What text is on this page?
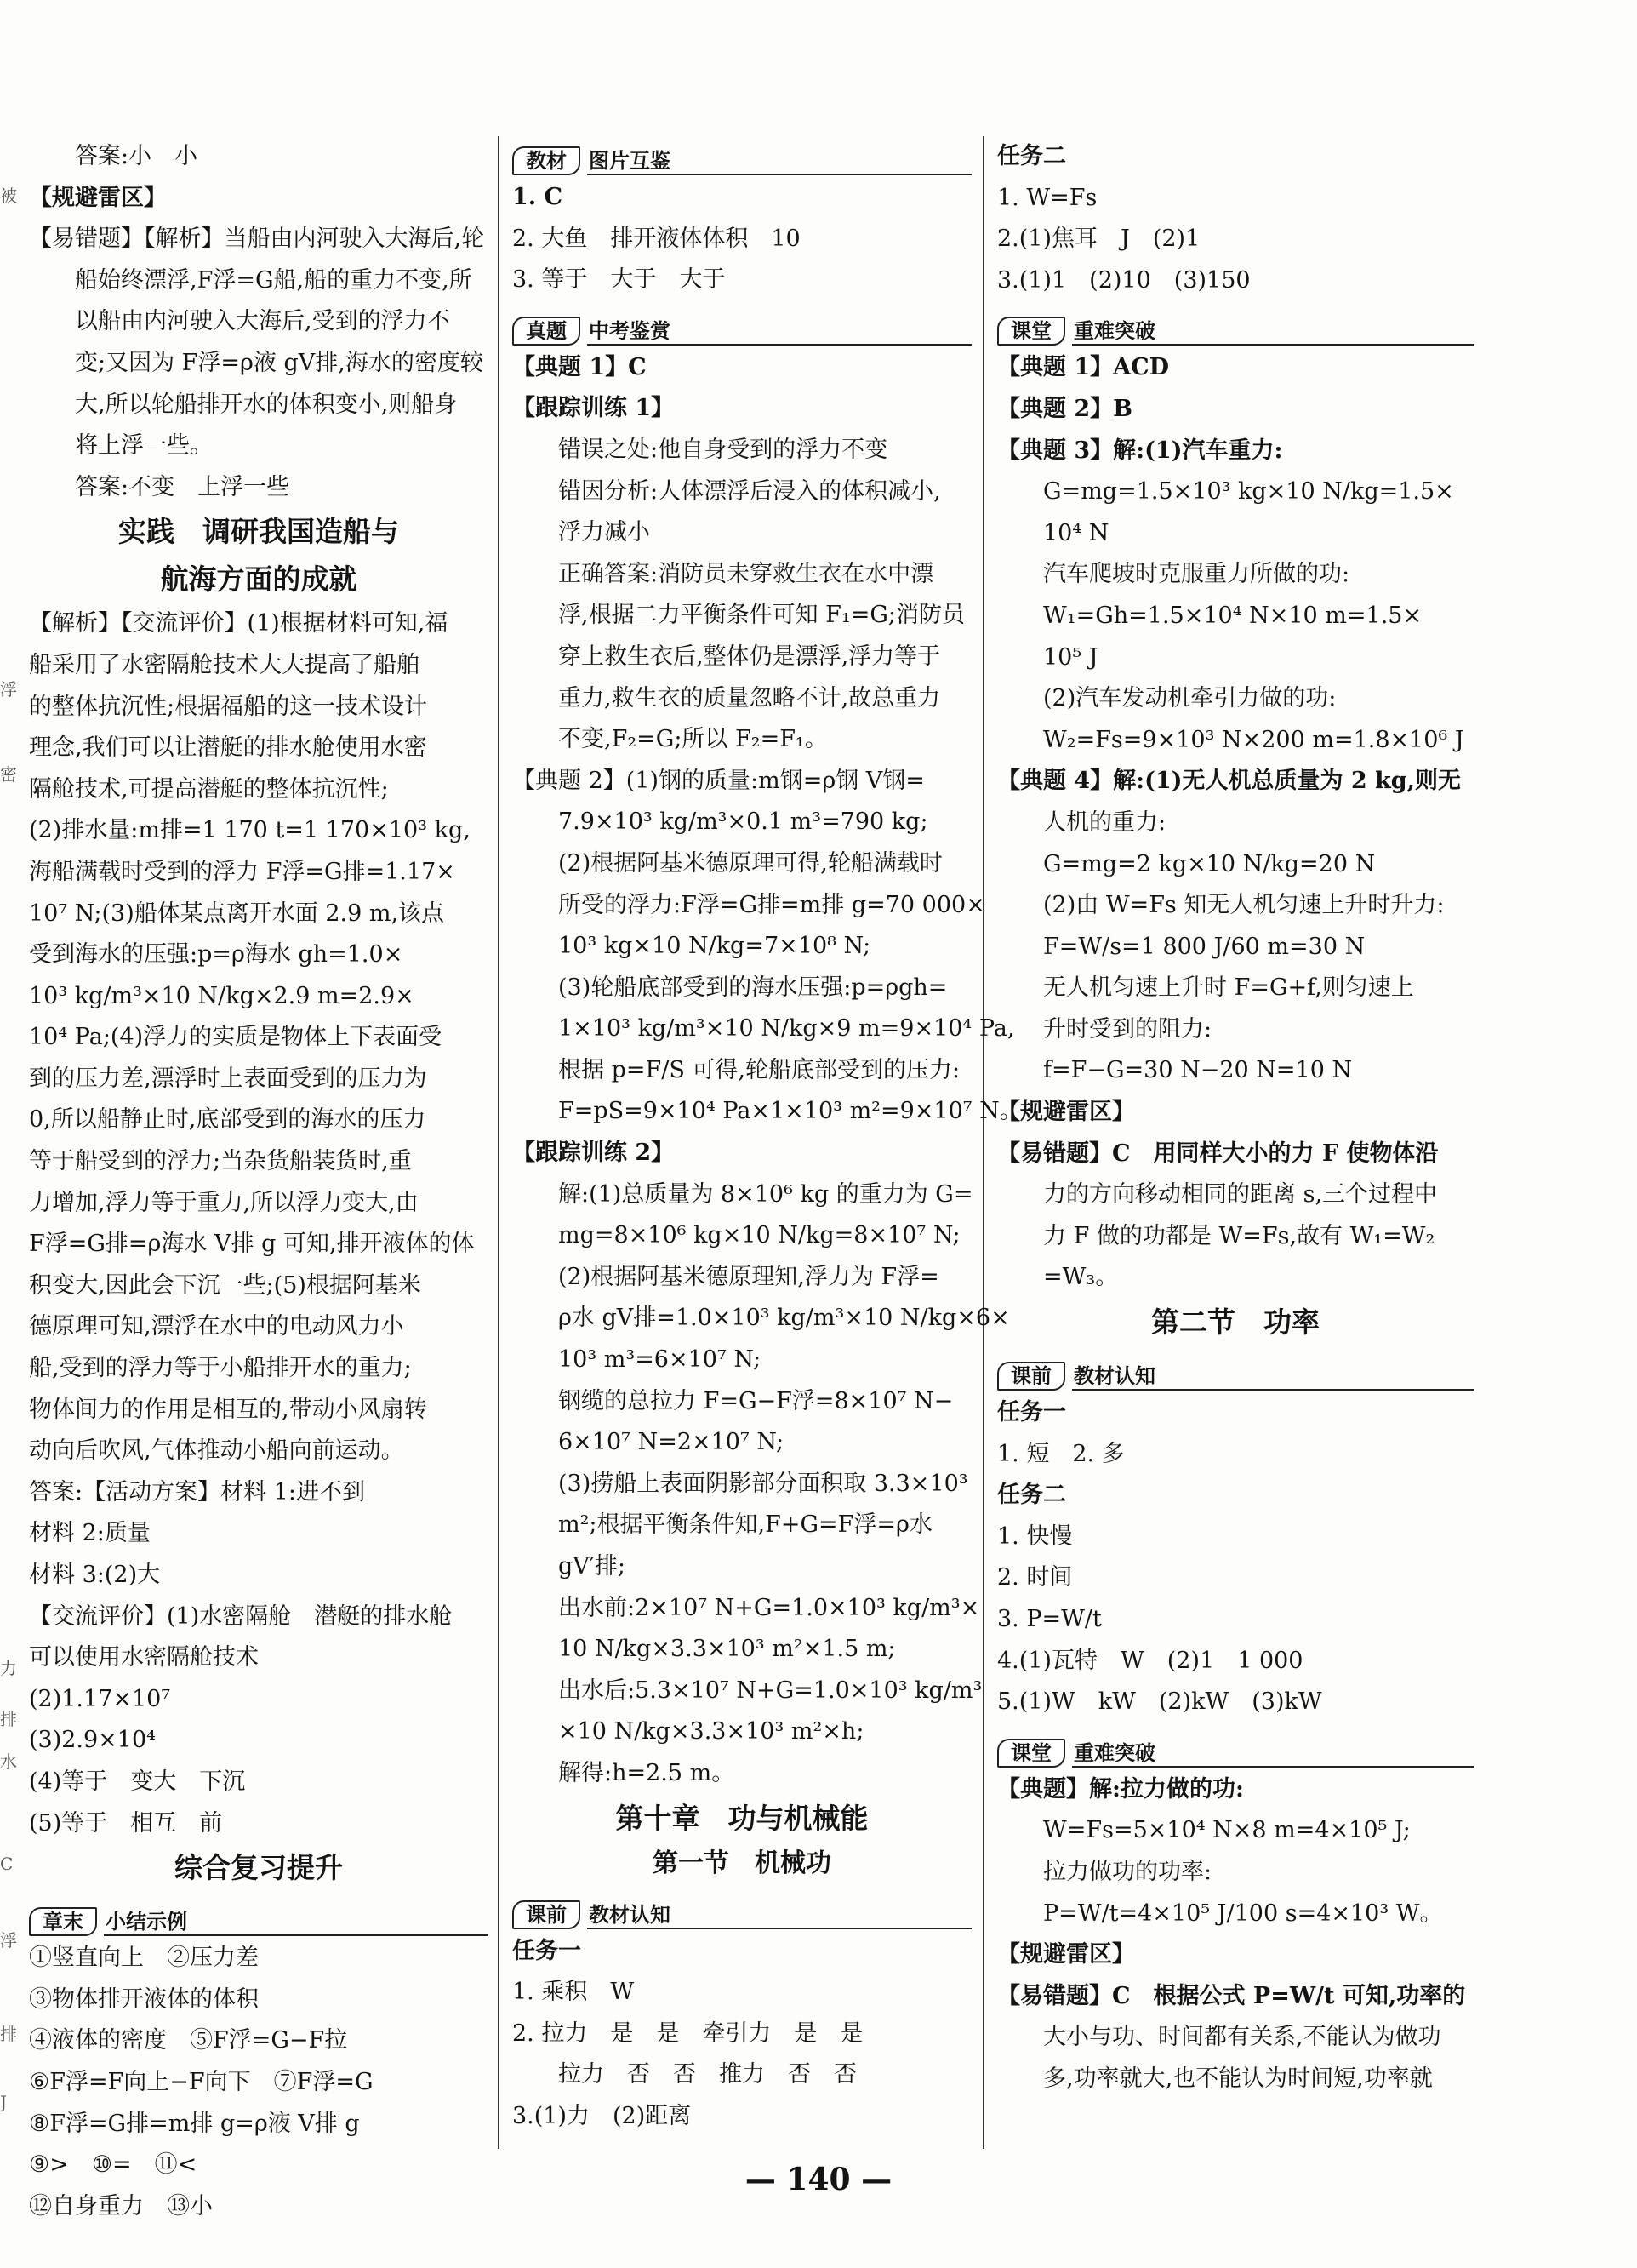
被
浮
密
力
排
水
C
浮
排
J

答案:小　小

【规避雷区】

【易错题】【解析】当船由内河驶入大海后,轮

船始终漂浮,F浮=G船,船的重力不变,所

以船由内河驶入大海后,受到的浮力不

变;又因为 F浮=ρ液 gV排,海水的密度较

大,所以轮船排开水的体积变小,则船身

将上浮一些。

答案:不变　上浮一些

实践　调研我国造船与

航海方面的成就

【解析】【交流评价】(1)根据材料可知,福

船采用了水密隔舱技术大大提高了船舶

的整体抗沉性;根据福船的这一技术设计

理念,我们可以让潜艇的排水舱使用水密

隔舱技术,可提高潜艇的整体抗沉性;

(2)排水量:m排=1 170 t=1 170×10³ kg,

海船满载时受到的浮力 F浮=G排=1.17×

10⁷ N;(3)船体某点离开水面 2.9 m,该点

受到海水的压强:p=ρ海水 gh=1.0×

10³ kg/m³×10 N/kg×2.9 m=2.9×

10⁴ Pa;(4)浮力的实质是物体上下表面受

到的压力差,漂浮时上表面受到的压力为

0,所以船静止时,底部受到的海水的压力

等于船受到的浮力;当杂货船装货时,重

力增加,浮力等于重力,所以浮力变大,由

F浮=G排=ρ海水 V排 g 可知,排开液体的体

积变大,因此会下沉一些;(5)根据阿基米

德原理可知,漂浮在水中的电动风力小

船,受到的浮力等于小船排开水的重力;

物体间力的作用是相互的,带动小风扇转

动向后吹风,气体推动小船向前运动。

答案:【活动方案】材料 1:进不到

材料 2:质量

材料 3:(2)大

【交流评价】(1)水密隔舱　潜艇的排水舱

可以使用水密隔舱技术

(2)1.17×10⁷

(3)2.9×10⁴

(4)等于　变大　下沉

(5)等于　相互　前

综合复习提升

章末	小结示例

①竖直向上　②压力差

③物体排开液体的体积

④液体的密度　⑤F浮=G−F拉

⑥F浮=F向上−F向下　⑦F浮=G

⑧F浮=G排=m排 g=ρ液 V排 g

⑨>　⑩=　⑪<

⑫自身重力　⑬小

教材	图片互鉴

1. C

2. 大鱼　排开液体体积　10

3. 等于　大于　大于

真题	中考鉴赏

【典题 1】C

【跟踪训练 1】

错误之处:他自身受到的浮力不变

错因分析:人体漂浮后浸入的体积减小,

浮力减小

正确答案:消防员未穿救生衣在水中漂

浮,根据二力平衡条件可知 F₁=G;消防员

穿上救生衣后,整体仍是漂浮,浮力等于

重力,救生衣的质量忽略不计,故总重力

不变,F₂=G;所以 F₂=F₁。

【典题 2】(1)钢的质量:m钢=ρ钢 V钢=

7.9×10³ kg/m³×0.1 m³=790 kg;

(2)根据阿基米德原理可得,轮船满载时

所受的浮力:F浮=G排=m排 g=70 000×

10³ kg×10 N/kg=7×10⁸ N;

(3)轮船底部受到的海水压强:p=ρgh=

1×10³ kg/m³×10 N/kg×9 m=9×10⁴ Pa,

根据 p=F/S 可得,轮船底部受到的压力:

F=pS=9×10⁴ Pa×1×10³ m²=9×10⁷ N。

【跟踪训练 2】

解:(1)总质量为 8×10⁶ kg 的重力为 G=

mg=8×10⁶ kg×10 N/kg=8×10⁷ N;

(2)根据阿基米德原理知,浮力为 F浮=

ρ水 gV排=1.0×10³ kg/m³×10 N/kg×6×

10³ m³=6×10⁷ N;

钢缆的总拉力 F=G−F浮=8×10⁷ N−

6×10⁷ N=2×10⁷ N;

(3)捞船上表面阴影部分面积取 3.3×10³

m²;根据平衡条件知,F+G=F浮=ρ水

gV′排;

出水前:2×10⁷ N+G=1.0×10³ kg/m³×

10 N/kg×3.3×10³ m²×1.5 m;

出水后:5.3×10⁷ N+G=1.0×10³ kg/m³

×10 N/kg×3.3×10³ m²×h;

解得:h=2.5 m。

第十章　功与机械能

第一节　机械功

课前	教材认知

任务一

1. 乘积　W

2. 拉力　是　是　牵引力　是　是

拉力　否　否　推力　否　否

3.(1)力　(2)距离

任务二

1. W=Fs

2.(1)焦耳　J　(2)1

3.(1)1　(2)10　(3)150

课堂	重难突破

【典题 1】ACD

【典题 2】B

【典题 3】解:(1)汽车重力:

G=mg=1.5×10³ kg×10 N/kg=1.5×

10⁴ N

汽车爬坡时克服重力所做的功:

W₁=Gh=1.5×10⁴ N×10 m=1.5×

10⁵ J

(2)汽车发动机牵引力做的功:

W₂=Fs=9×10³ N×200 m=1.8×10⁶ J

【典题 4】解:(1)无人机总质量为 2 kg,则无

人机的重力:

G=mg=2 kg×10 N/kg=20 N

(2)由 W=Fs 知无人机匀速上升时升力:

F=W/s=1 800 J/60 m=30 N

无人机匀速上升时 F=G+f,则匀速上

升时受到的阻力:

f=F−G=30 N−20 N=10 N

【规避雷区】

【易错题】C　用同样大小的力 F 使物体沿

力的方向移动相同的距离 s,三个过程中

力 F 做的功都是 W=Fs,故有 W₁=W₂

=W₃。

第二节　功率

课前	教材认知

任务一

1. 短　2. 多

任务二

1. 快慢

2. 时间

3. P=W/t

4.(1)瓦特　W　(2)1　1 000

5.(1)W　kW　(2)kW　(3)kW

课堂	重难突破

【典题】解:拉力做的功:

W=Fs=5×10⁴ N×8 m=4×10⁵ J;

拉力做功的功率:

P=W/t=4×10⁵ J/100 s=4×10³ W。

【规避雷区】

【易错题】C　根据公式 P=W/t 可知,功率的

大小与功、时间都有关系,不能认为做功

多,功率就大,也不能认为时间短,功率就

— 140 —
